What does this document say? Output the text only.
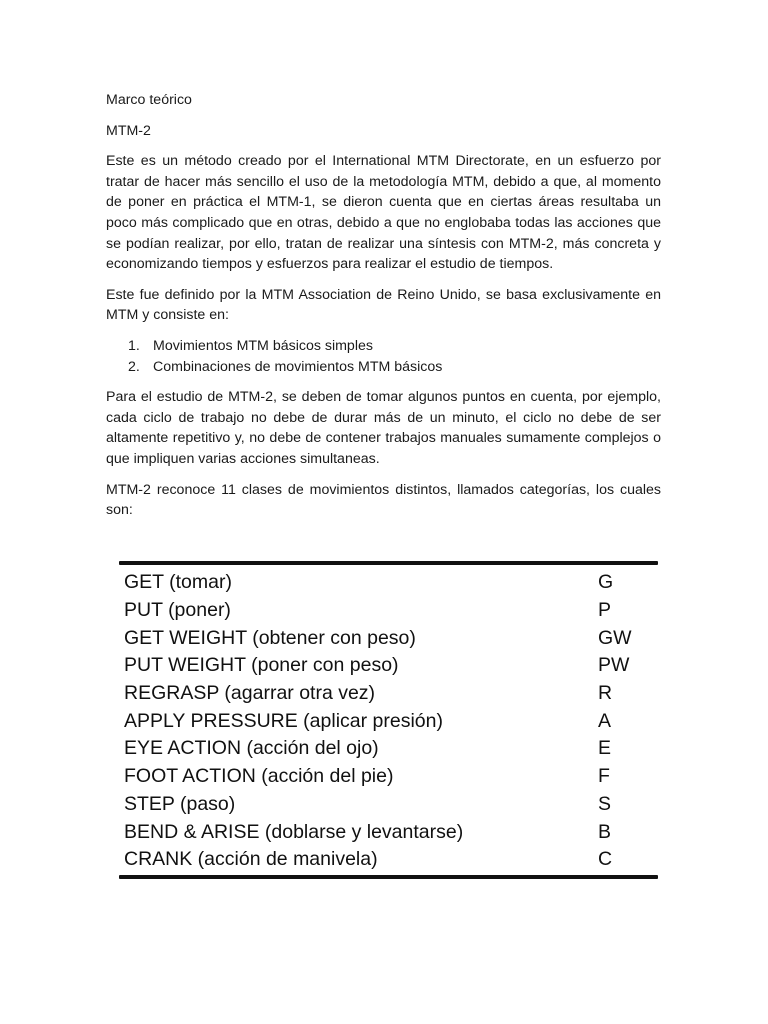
Marco teórico

MTM-2

Este es un método creado por el International MTM Directorate, en un esfuerzo por tratar de hacer más sencillo el uso de la metodología MTM, debido a que, al momento de poner en práctica el MTM-1, se dieron cuenta que en ciertas áreas resultaba un poco más complicado que en otras, debido a que no englobaba todas las acciones que se podían realizar, por ello, tratan de realizar una síntesis con MTM-2, más concreta y economizando tiempos y esfuerzos para realizar el estudio de tiempos.

Este fue definido por la MTM Association de Reino Unido, se basa exclusivamente en MTM y consiste en:

1. Movimientos MTM básicos simples
2. Combinaciones de movimientos MTM básicos

Para el estudio de MTM-2, se deben de tomar algunos puntos en cuenta, por ejemplo, cada ciclo de trabajo no debe de durar más de un minuto, el ciclo no debe de ser altamente repetitivo y, no debe de contener trabajos manuales sumamente complejos o que impliquen varias acciones simultaneas.

MTM-2 reconoce 11 clases de movimientos distintos, llamados categorías, los cuales son:

GET (tomar)	G
PUT (poner)	P
GET WEIGHT (obtener con peso)	GW
PUT WEIGHT (poner con peso)	PW
REGRASP (agarrar otra vez)	R
APPLY PRESSURE (aplicar presión)	A
EYE ACTION (acción del ojo)	E
FOOT ACTION (acción del pie)	F
STEP (paso)	S
BEND & ARISE (doblarse y levantarse)	B
CRANK (acción de manivela)	C
